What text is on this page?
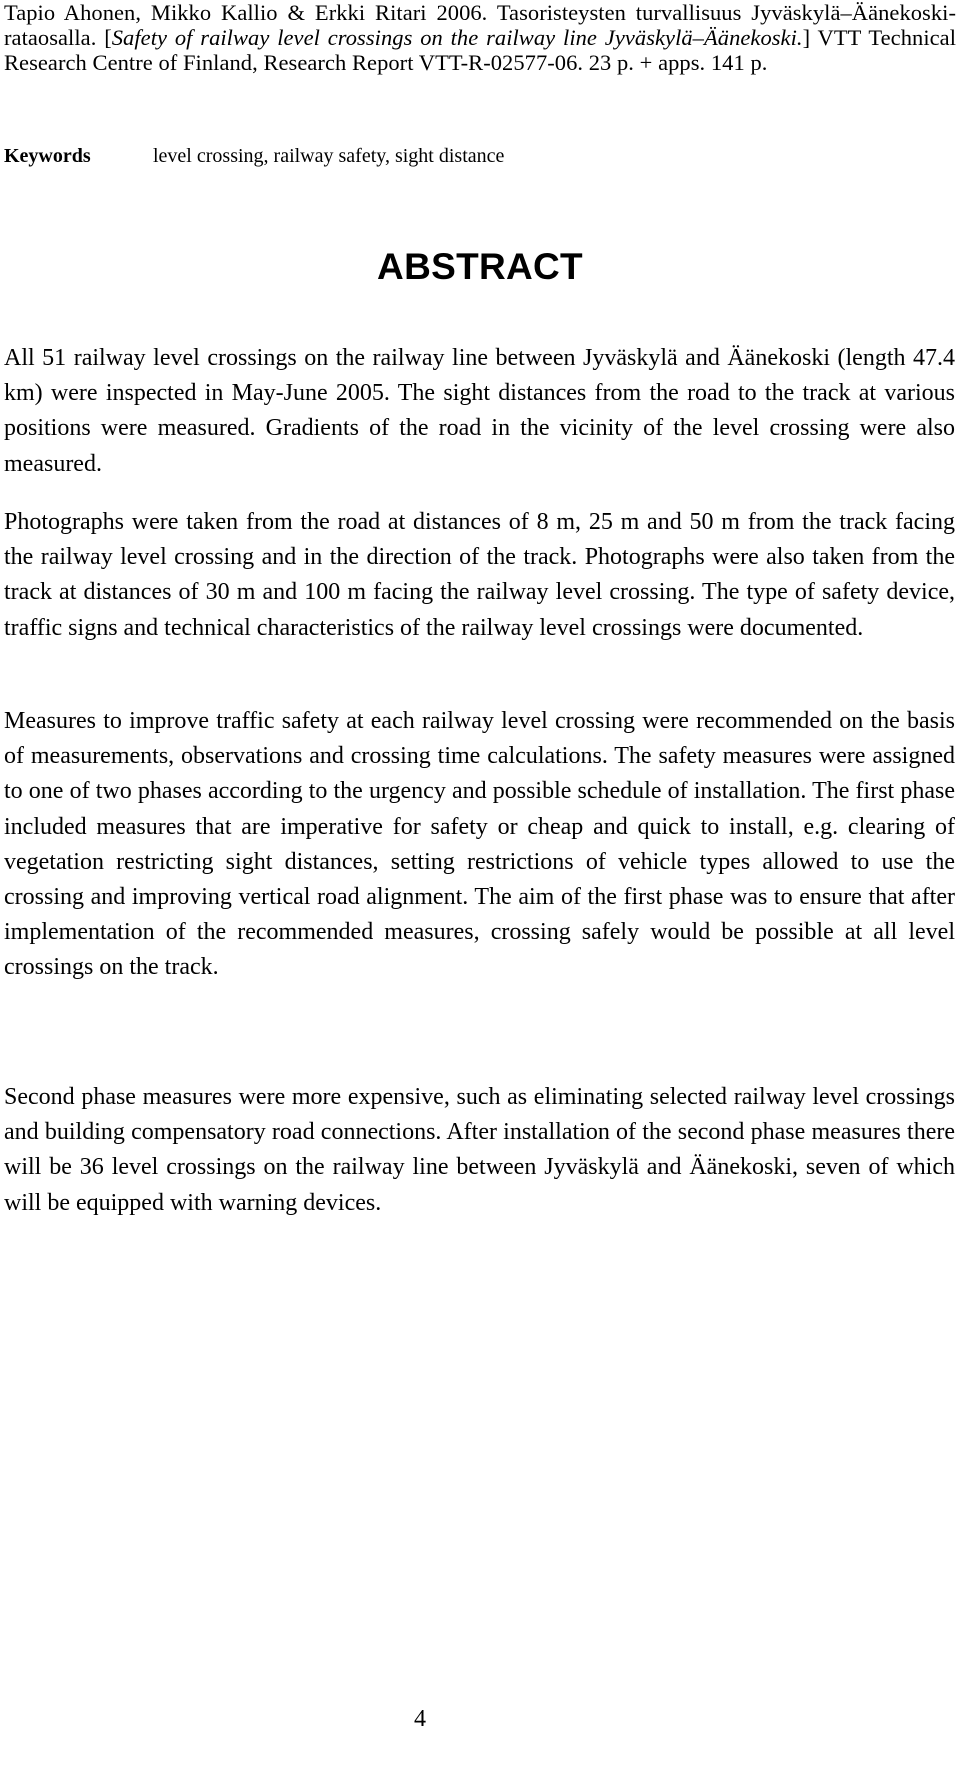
Tapio Ahonen, Mikko Kallio & Erkki Ritari 2006. Tasoristeysten turvallisuus Jyväskylä–Äänekoski-rataosalla. [Safety of railway level crossings on the railway line Jyväskylä–Äänekoski.] VTT Technical Research Centre of Finland, Research Report VTT-R-02577-06. 23 p. + apps. 141 p.
Keywords	level crossing, railway safety, sight distance
ABSTRACT

All 51 railway level crossings on the railway line between Jyväskylä and Äänekoski (length 47.4 km) were inspected in May-June 2005. The sight distances from the road to the track at various positions were measured. Gradients of the road in the vicinity of the level crossing were also measured.

Photographs were taken from the road at distances of 8 m, 25 m and 50 m from the track facing the railway level crossing and in the direction of the track. Photographs were also taken from the track at distances of 30 m and 100 m facing the railway level crossing. The type of safety device, traffic signs and technical characteristics of the railway level crossings were documented.

Measures to improve traffic safety at each railway level crossing were recommended on the basis of measurements, observations and crossing time calculations. The safety measures were assigned to one of two phases according to the urgency and possible schedule of installation. The first phase included measures that are imperative for safety or cheap and quick to install, e.g. clearing of vegetation restricting sight distances, setting restrictions of vehicle types allowed to use the crossing and improving vertical road alignment. The aim of the first phase was to ensure that after implementation of the recommended measures, crossing safely would be possible at all level crossings on the track.

Second phase measures were more expensive, such as eliminating selected railway level crossings and building compensatory road connections. After installation of the second phase measures there will be 36 level crossings on the railway line between Jyväskylä and Äänekoski, seven of which will be equipped with warning devices.

4
